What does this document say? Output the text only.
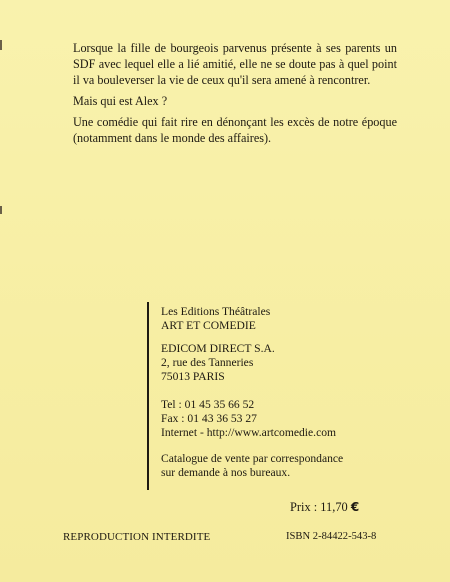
Lorsque la fille de bourgeois parvenus présente à ses parents un SDF avec lequel elle a lié amitié, elle ne se doute pas à quel point il va bouleverser la vie de ceux qu'il sera amené à rencontrer.

Mais qui est Alex ?

Une comédie qui fait rire en dénonçant les excès de notre époque (notamment dans le monde des affaires).

Les Editions Théâtrales
ART ET COMEDIE
EDICOM DIRECT S.A.
2, rue des Tanneries
75013 PARIS
Tel : 01 45 35 66 52
Fax : 01 43 36 53 27
Internet - http://www.artcomedie.com
Catalogue de vente par correspondance
sur demande à nos bureaux.
Prix : 11,70 €
REPRODUCTION INTERDITE	ISBN 2-84422-543-8
